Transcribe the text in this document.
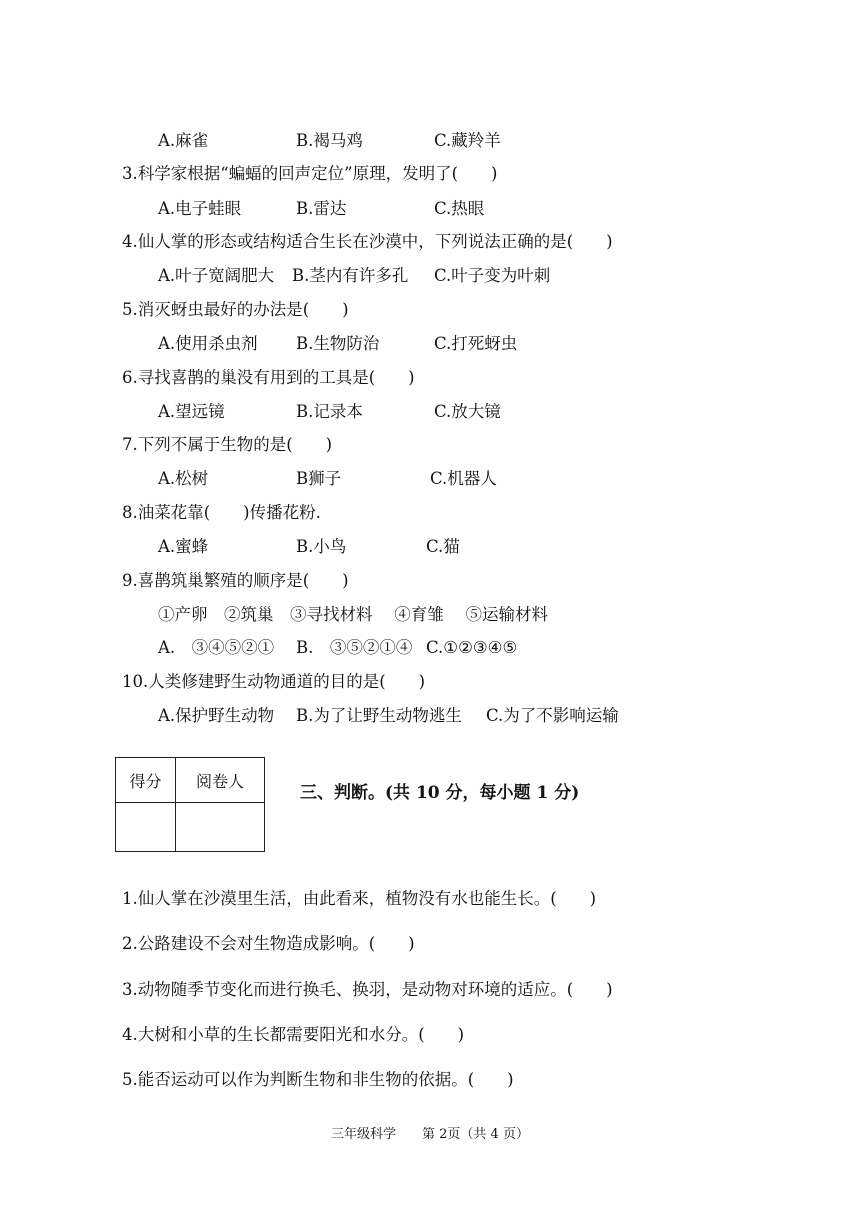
A.麻雀	B.褐马鸡	C.藏羚羊
3.科学家根据“蝙蝠的回声定位”原理，发明了(　　)
A.电子蛙眼	B.雷达	C.热眼
4.仙人掌的形态或结构适合生长在沙漠中，下列说法正确的是(　　)
A.叶子宽阔肥大 B.茎内有许多孔 C.叶子变为叶刺
5.消灭蚜虫最好的办法是(　　)
A.使用杀虫剂 B.生物防治	C.打死蚜虫
6.寻找喜鹊的巢没有用到的工具是(　　)
A.望远镜	B.记录本	C.放大镜
7.下列不属于生物的是(　　)
A.松树	B狮子	C.机器人
8.油菜花靠(　　)传播花粉.
A.蜜蜂	B.小鸟	C.猫
9.喜鹊筑巢繁殖的顺序是(　　)
①产卵　②筑巢　③寻找材料　 ④育雏　 ⑤运输材料
A.　③④⑤②① B.　③⑤②①④ C.①②③④⑤
10.人类修建野生动物通道的目的是(　　)
A.保护野生动物 B.为了让野生动物逃生 C.为了不影响运输
得分	阅卷人

三、判断。(共 10 分，每小题 1 分)
1.仙人掌在沙漠里生活，由此看来，植物没有水也能生长。(　　)
2.公路建设不会对生物造成影响。(　　)
3.动物随季节变化而进行换毛、换羽，是动物对环境的适应。(　　)
4.大树和小草的生长都需要阳光和水分。(　　)
5.能否运动可以作为判断生物和非生物的依据。(　　)
三年级科学　　第 2页（共 4 页）
